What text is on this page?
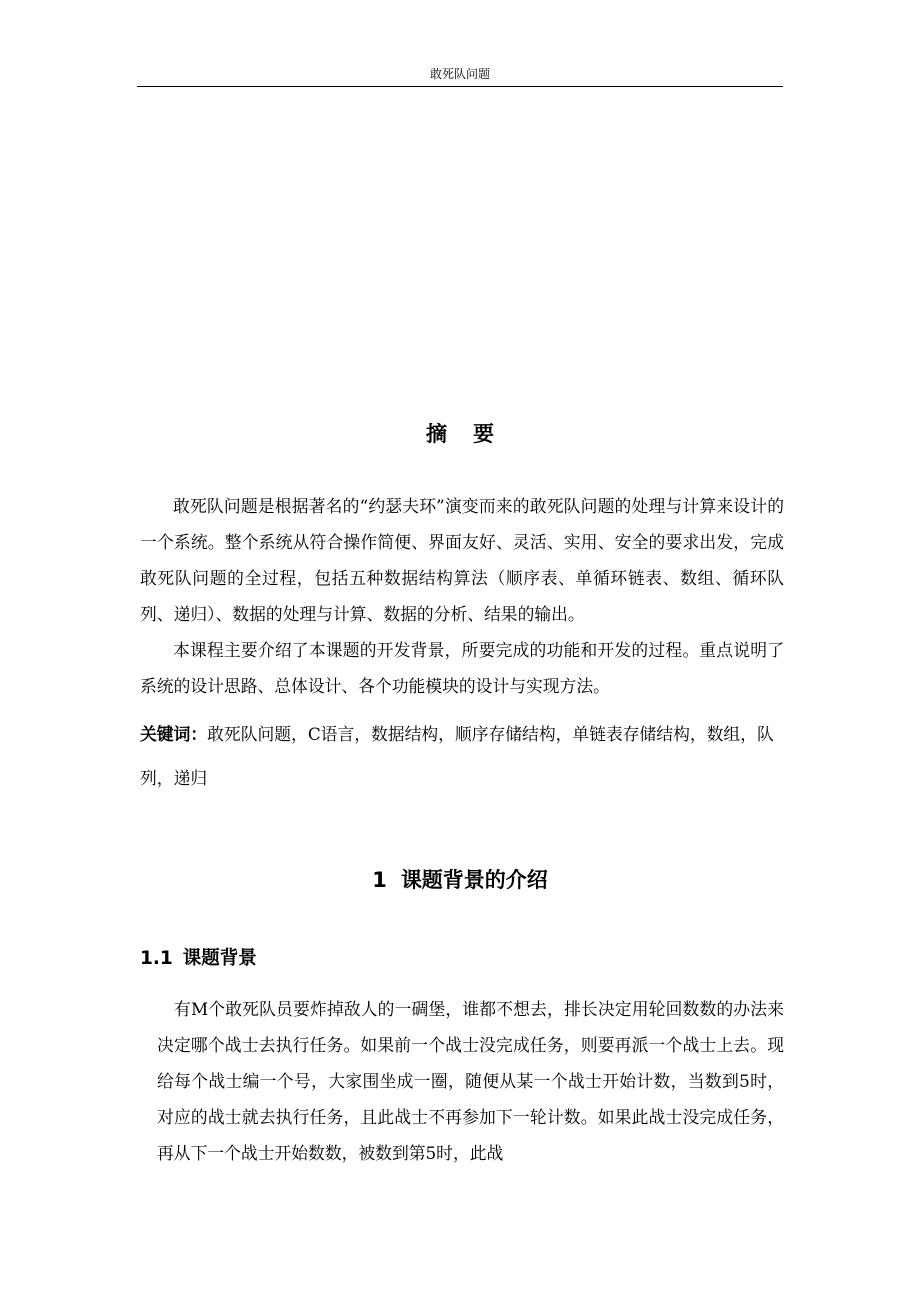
敢死队问题
摘要

敢死队问题是根据著名的“约瑟夫环”演变而来的敢死队问题的处理与计算来设计的一个系统。整个系统从符合操作简便、界面友好、灵活、实用、安全的要求出发，完成敢死队问题的全过程，包括五种数据结构算法（顺序表、单循环链表、数组、循环队列、递归）、数据的处理与计算、数据的分析、结果的输出。

本课程主要介绍了本课题的开发背景，所要完成的功能和开发的过程。重点说明了系统的设计思路、总体设计、各个功能模块的设计与实现方法。

关键词：敢死队问题，C语言，数据结构，顺序存储结构，单链表存储结构，数组，队列，递归
1 课题背景的介绍
1.1 课题背景

有M个敢死队员要炸掉敌人的一碉堡，谁都不想去，排长决定用轮回数数的办法来决定哪个战士去执行任务。如果前一个战士没完成任务，则要再派一个战士上去。现给每个战士编一个号，大家围坐成一圈，随便从某一个战士开始计数，当数到5时，对应的战士就去执行任务，且此战士不再参加下一轮计数。如果此战士没完成任务，再从下一个战士开始数数，被数到第5时，此战
